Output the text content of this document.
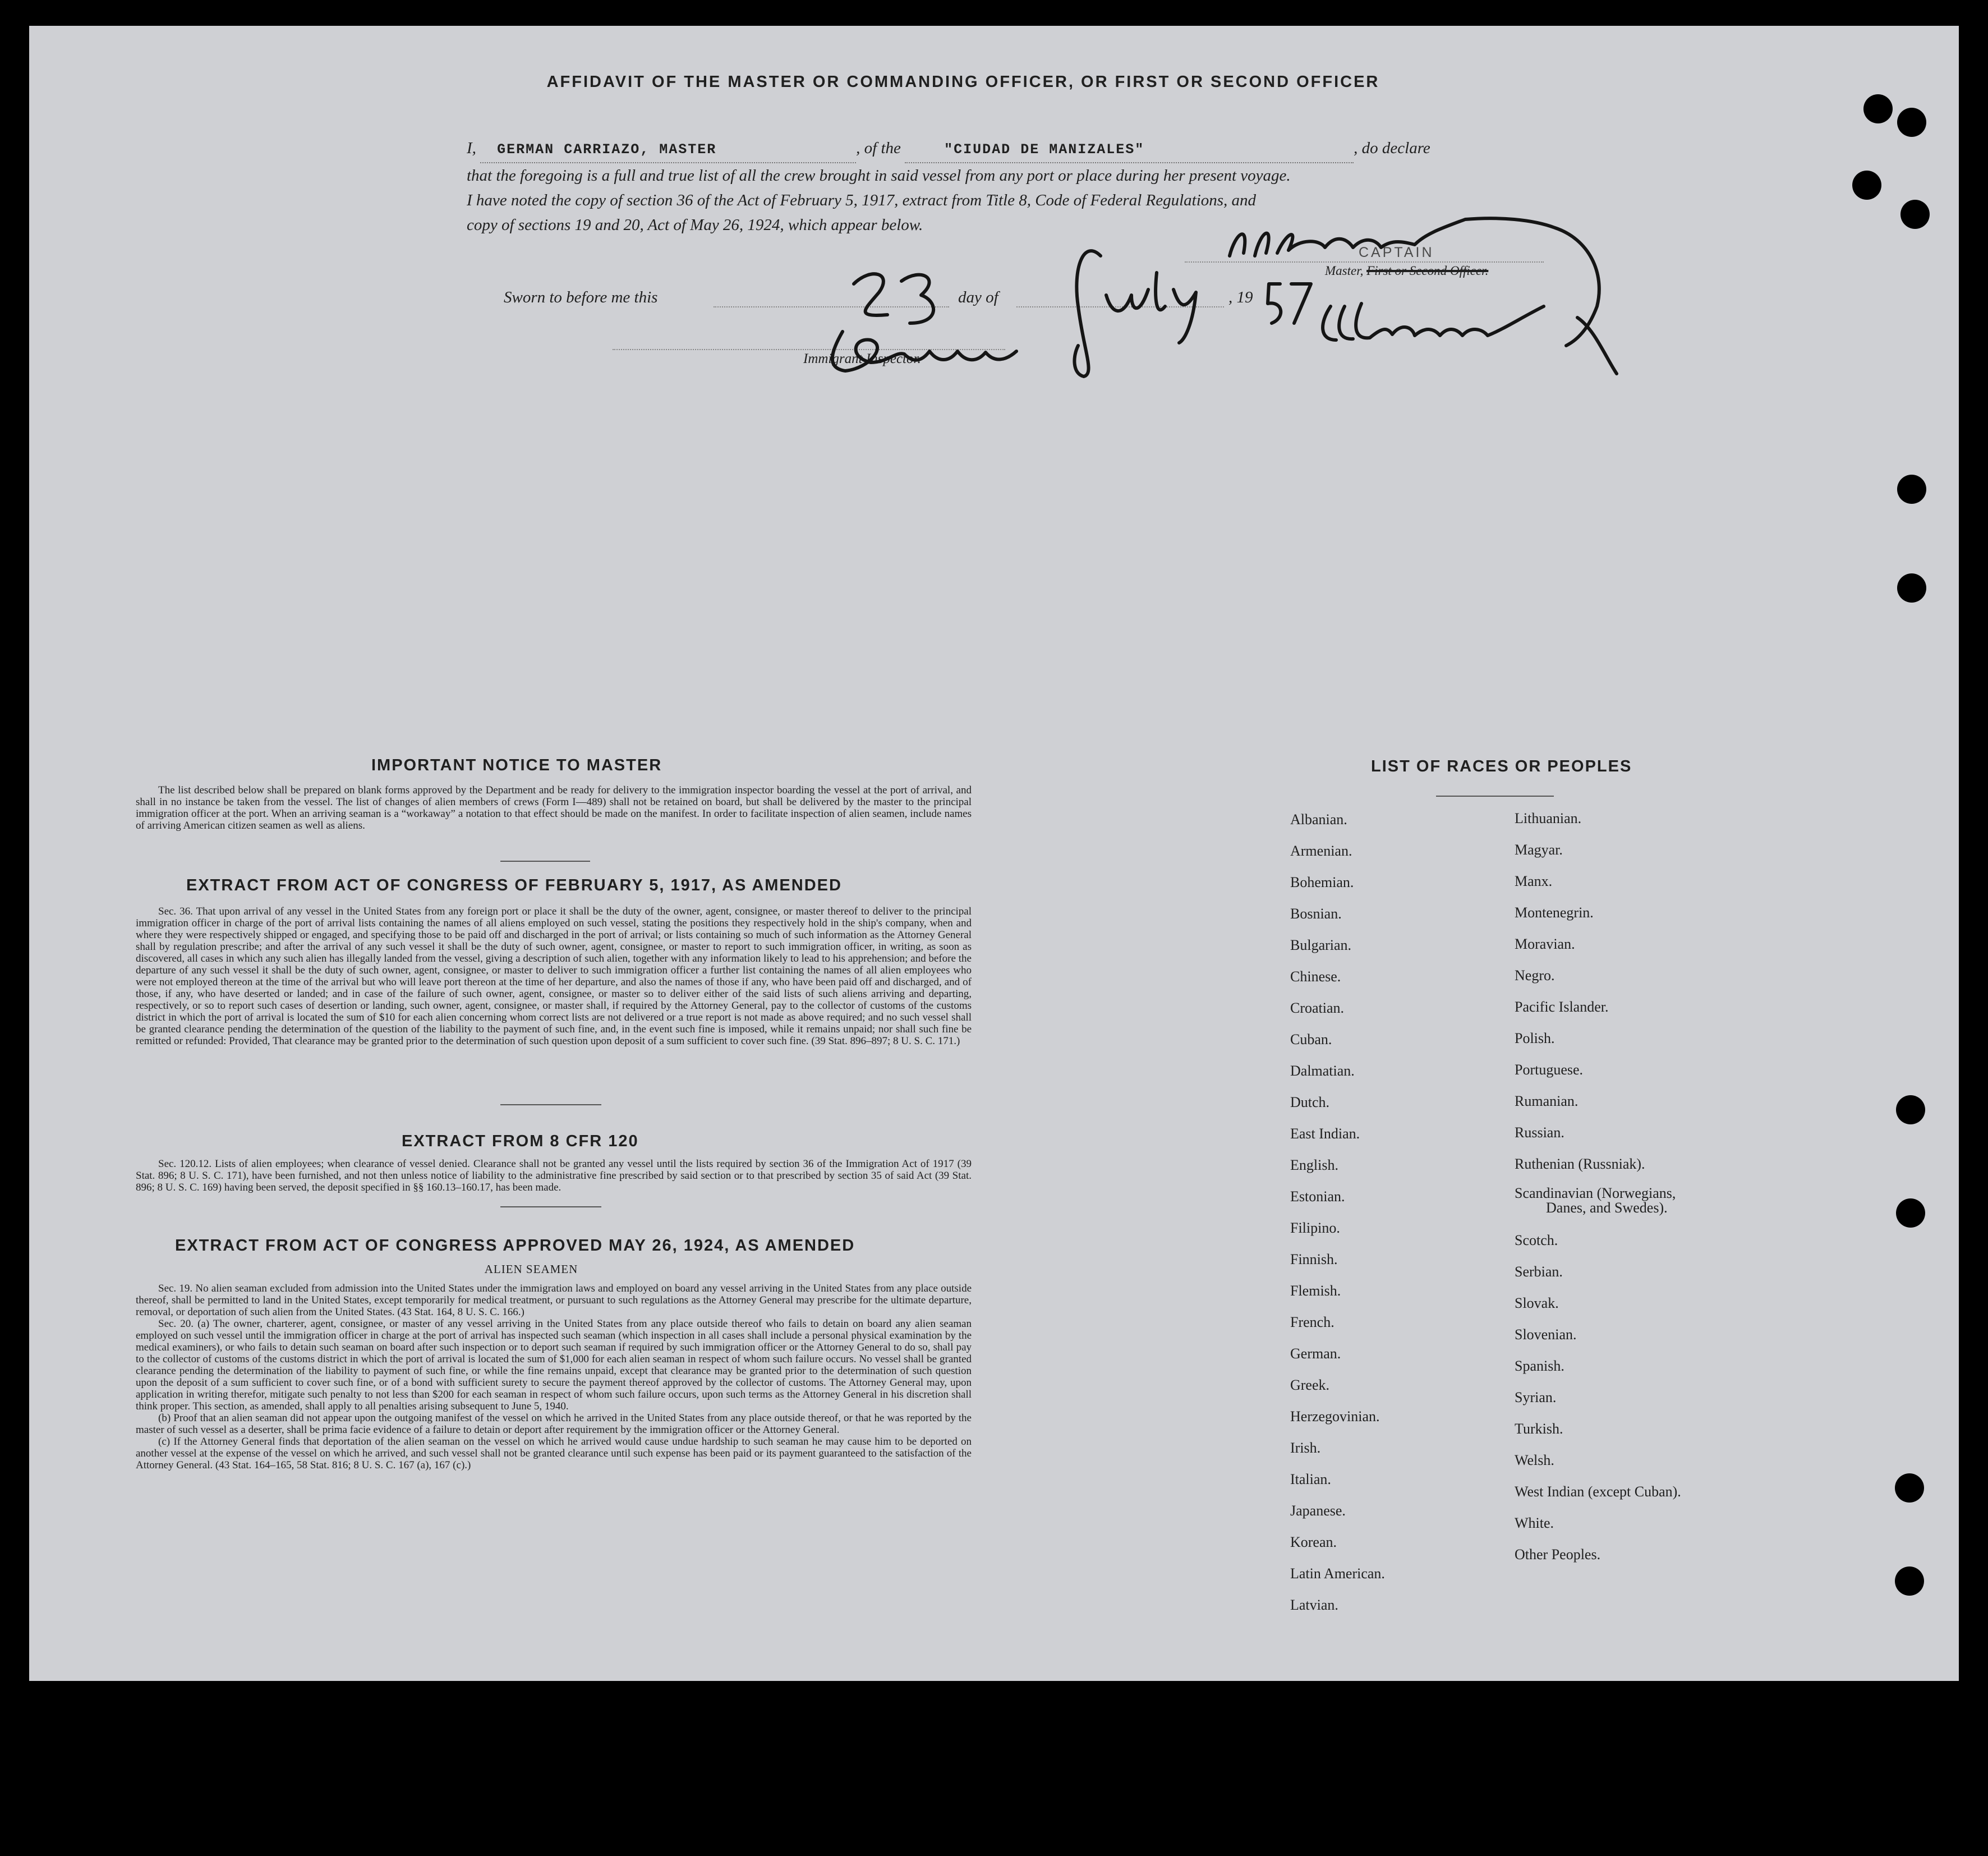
AFFIDAVIT OF THE MASTER OR COMMANDING OFFICER, OR FIRST OR SECOND OFFICER
I, GERMAN CARRIAZO, MASTER	, of the	"CIUDAD DE MANIZALES"	, do declare
that the foregoing is a full and true list of all the crew brought in said vessel from any port or place during her present voyage.
I have noted the copy of section 36 of the Act of February 5, 1917, extract from Title 8, Code of Federal Regulations, and
copy of sections 19 and 20, Act of May 26, 1924, which appear below.
CAPTAIN
Master, First or Second Officer.
Sworn to before me this	day of	, 19
Immigrant Inspector.
IMPORTANT NOTICE TO MASTER

The list described below shall be prepared on blank forms approved by the Department and be ready for delivery to the immigration inspector boarding the vessel at the port of arrival, and shall in no instance be taken from the vessel. The list of changes of alien members of crews (Form I—489) shall not be retained on board, but shall be delivered by the master to the principal immigration officer at the port. When an arriving seaman is a “workaway” a notation to that effect should be made on the manifest. In order to facilitate inspection of alien seamen, include names of arriving American citizen seamen as well as aliens.

EXTRACT FROM ACT OF CONGRESS OF FEBRUARY 5, 1917, AS AMENDED

Sec. 36. That upon arrival of any vessel in the United States from any foreign port or place it shall be the duty of the owner, agent, consignee, or master thereof to deliver to the principal immigration officer in charge of the port of arrival lists containing the names of all aliens employed on such vessel, stating the positions they respectively hold in the ship's company, when and where they were respectively shipped or engaged, and specifying those to be paid off and discharged in the port of arrival; or lists containing so much of such information as the Attorney General shall by regulation prescribe; and after the arrival of any such vessel it shall be the duty of such owner, agent, consignee, or master to report to such immigration officer, in writing, as soon as discovered, all cases in which any such alien has illegally landed from the vessel, giving a description of such alien, together with any information likely to lead to his apprehension; and before the departure of any such vessel it shall be the duty of such owner, agent, consignee, or master to deliver to such immigration officer a further list containing the names of all alien employees who were not employed thereon at the time of the arrival but who will leave port thereon at the time of her departure, and also the names of those if any, who have been paid off and discharged, and of those, if any, who have deserted or landed; and in case of the failure of such owner, agent, consignee, or master so to deliver either of the said lists of such aliens arriving and departing, respectively, or so to report such cases of desertion or landing, such owner, agent, consignee, or master shall, if required by the Attorney General, pay to the collector of customs of the customs district in which the port of arrival is located the sum of $10 for each alien concerning whom correct lists are not delivered or a true report is not made as above required; and no such vessel shall be granted clearance pending the determination of the question of the liability to the payment of such fine, and, in the event such fine is imposed, while it remains unpaid; nor shall such fine be remitted or refunded: Provided, That clearance may be granted prior to the determination of such question upon deposit of a sum sufficient to cover such fine. (39 Stat. 896–897; 8 U. S. C. 171.)

EXTRACT FROM 8 CFR 120

Sec. 120.12. Lists of alien employees; when clearance of vessel denied. Clearance shall not be granted any vessel until the lists required by section 36 of the Immigration Act of 1917 (39 Stat. 896; 8 U. S. C. 171), have been furnished, and not then unless notice of liability to the administrative fine prescribed by said section or to that prescribed by section 35 of said Act (39 Stat. 896; 8 U. S. C. 169) having been served, the deposit specified in §§ 160.13–160.17, has been made.

EXTRACT FROM ACT OF CONGRESS APPROVED MAY 26, 1924, AS AMENDED
ALIEN SEAMEN

Sec. 19. No alien seaman excluded from admission into the United States under the immigration laws and employed on board any vessel arriving in the United States from any place outside thereof, shall be permitted to land in the United States, except temporarily for medical treatment, or pursuant to such regulations as the Attorney General may prescribe for the ultimate departure, removal, or deportation of such alien from the United States. (43 Stat. 164, 8 U. S. C. 166.)

Sec. 20. (a) The owner, charterer, agent, consignee, or master of any vessel arriving in the United States from any place outside thereof who fails to detain on board any alien seaman employed on such vessel until the immigration officer in charge at the port of arrival has inspected such seaman (which inspection in all cases shall include a personal physical examination by the medical examiners), or who fails to detain such seaman on board after such inspection or to deport such seaman if required by such immigration officer or the Attorney General to do so, shall pay to the collector of customs of the customs district in which the port of arrival is located the sum of $1,000 for each alien seaman in respect of whom such failure occurs. No vessel shall be granted clearance pending the determination of the liability to payment of such fine, or while the fine remains unpaid, except that clearance may be granted prior to the determination of such question upon the deposit of a sum sufficient to cover such fine, or of a bond with sufficient surety to secure the payment thereof approved by the collector of customs. The Attorney General may, upon application in writing therefor, mitigate such penalty to not less than $200 for each seaman in respect of whom such failure occurs, upon such terms as the Attorney General in his discretion shall think proper. This section, as amended, shall apply to all penalties arising subsequent to June 5, 1940.

(b) Proof that an alien seaman did not appear upon the outgoing manifest of the vessel on which he arrived in the United States from any place outside thereof, or that he was reported by the master of such vessel as a deserter, shall be prima facie evidence of a failure to detain or deport after requirement by the immigration officer or the Attorney General.

(c) If the Attorney General finds that deportation of the alien seaman on the vessel on which he arrived would cause undue hardship to such seaman he may cause him to be deported on another vessel at the expense of the vessel on which he arrived, and such vessel shall not be granted clearance until such expense has been paid or its payment guaranteed to the satisfaction of the Attorney General. (43 Stat. 164–165, 58 Stat. 816; 8 U. S. C. 167 (a), 167 (c).)

LIST OF RACES OR PEOPLES
Albanian.
Armenian.
Bohemian.
Bosnian.
Bulgarian.
Chinese.
Croatian.
Cuban.
Dalmatian.
Dutch.
East Indian.
English.
Estonian.
Filipino.
Finnish.
Flemish.
French.
German.
Greek.
Herzegovinian.
Irish.
Italian.
Japanese.
Korean.
Latin American.
Latvian.
Lithuanian.
Magyar.
Manx.
Montenegrin.
Moravian.
Negro.
Pacific Islander.
Polish.
Portuguese.
Rumanian.
Russian.
Ruthenian (Russniak).
Scandinavian (Norwegians,
Danes, and Swedes).
Scotch.
Serbian.
Slovak.
Slovenian.
Spanish.
Syrian.
Turkish.
Welsh.
West Indian (except Cuban).
White.
Other Peoples.
